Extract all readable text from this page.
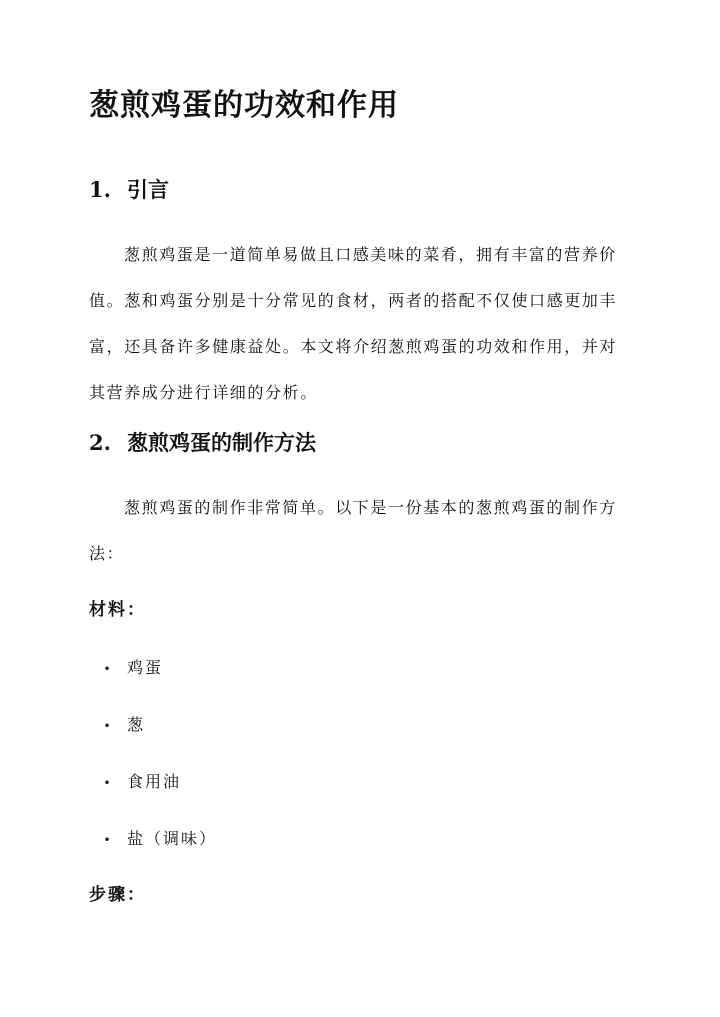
葱煎鸡蛋的功效和作用
1. 引言

葱煎鸡蛋是一道简单易做且口感美味的菜肴，拥有丰富的营养价值。葱和鸡蛋分别是十分常见的食材，两者的搭配不仅使口感更加丰富，还具备许多健康益处。本文将介绍葱煎鸡蛋的功效和作用，并对其营养成分进行详细的分析。

2. 葱煎鸡蛋的制作方法

葱煎鸡蛋的制作非常简单。以下是一份基本的葱煎鸡蛋的制作方法：

材料：
• 鸡蛋
• 葱
• 食用油
• 盐（调味）
步骤：
